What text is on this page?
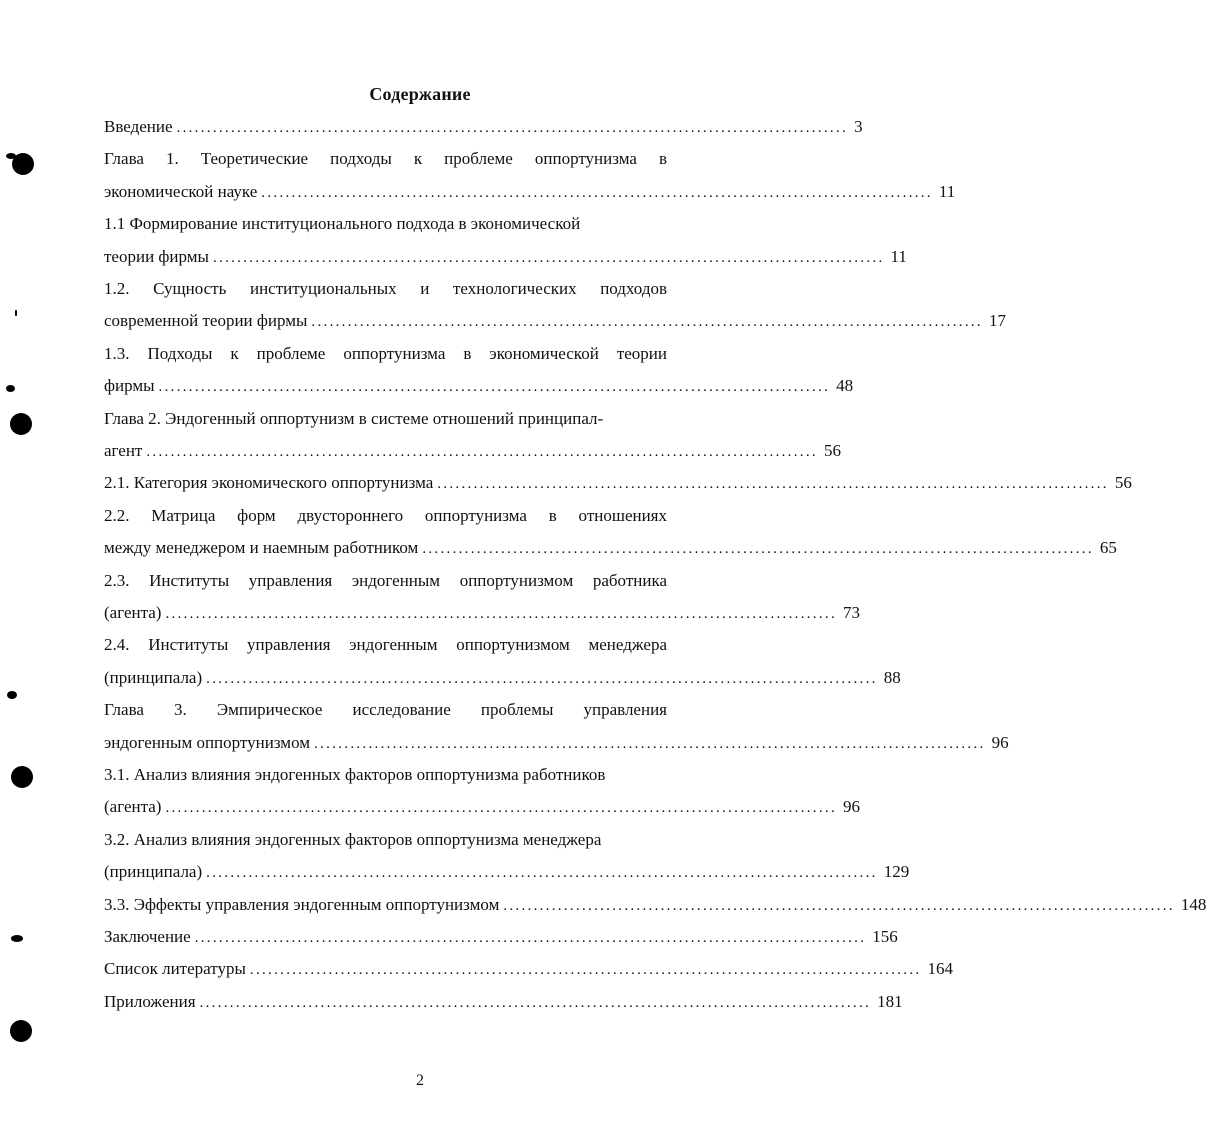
Содержание
Введение ............................................................................................................... 3
Глава 1. Теоретические подходы к проблеме оппортунизма в
экономической науке ............................................................................................................... 11
1.1 Формирование институционального подхода в экономической
теории фирмы ............................................................................................................... 11
1.2. Сущность институциональных и технологических подходов
современной теории фирмы ............................................................................................................... 17
1.3. Подходы к проблеме оппортунизма в экономической теории
фирмы ............................................................................................................... 48
Глава 2. Эндогенный оппортунизм в системе отношений принципал-
агент ............................................................................................................... 56
2.1. Категория экономического оппортунизма ............................................................................................................... 56
2.2. Матрица форм двустороннего оппортунизма в отношениях
между менеджером и наемным работником ............................................................................................................... 65
2.3. Институты управления эндогенным оппортунизмом работника
(агента) ............................................................................................................... 73
2.4. Институты управления эндогенным оппортунизмом менеджера
(принципала) ............................................................................................................... 88
Глава 3. Эмпирическое исследование проблемы управления
эндогенным оппортунизмом ............................................................................................................... 96
3.1. Анализ влияния эндогенных факторов оппортунизма работников
(агента) ............................................................................................................... 96
3.2. Анализ влияния эндогенных факторов оппортунизма менеджера
(принципала) ............................................................................................................... 129
3.3. Эффекты управления эндогенным оппортунизмом ............................................................................................................... 148
Заключение ............................................................................................................... 156
Список литературы ............................................................................................................... 164
Приложения ............................................................................................................... 181
2
